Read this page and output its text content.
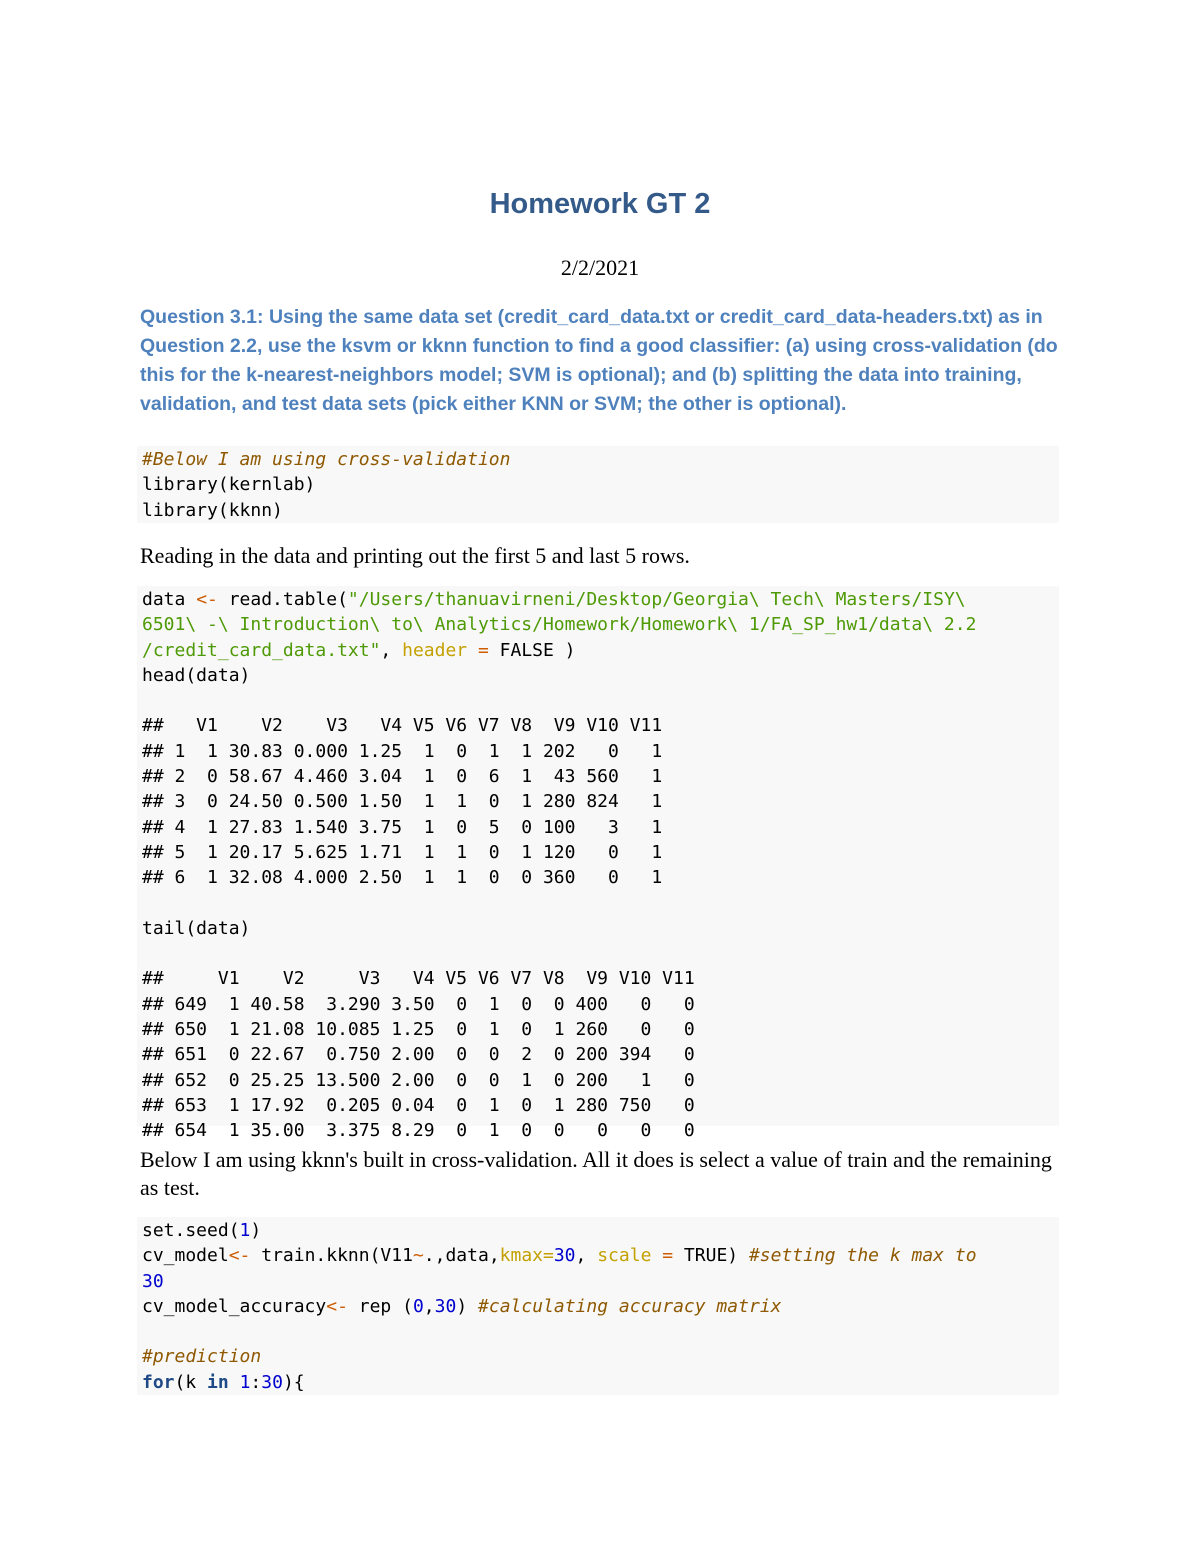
Homework GT 2
2/2/2021

Question 3.1: Using the same data set (credit_card_data.txt or credit_card_data-headers.txt) as in Question 2.2, use the ksvm or kknn function to find a good classifier: (a) using cross-validation (do this for the k-nearest-neighbors model; SVM is optional); and (b) splitting the data into training, validation, and test data sets (pick either KNN or SVM; the other is optional).

#Below I am using cross-validation
library(kernlab)
library(kknn)

Reading in the data and printing out the first 5 and last 5 rows.

data <- read.table("/Users/thanuavirneni/Desktop/Georgia\ Tech\ Masters/ISY\
6501\ -\ Introduction\ to\ Analytics/Homework/Homework\ 1/FA_SP_hw1/data\ 2.2
/credit_card_data.txt", header = FALSE )
head(data)

##   V1    V2    V3   V4 V5 V6 V7 V8  V9 V10 V11
## 1  1 30.83 0.000 1.25  1  0  1  1 202   0   1
## 2  0 58.67 4.460 3.04  1  0  6  1  43 560   1
## 3  0 24.50 0.500 1.50  1  1  0  1 280 824   1
## 4  1 27.83 1.540 3.75  1  0  5  0 100   3   1
## 5  1 20.17 5.625 1.71  1  1  0  1 120   0   1
## 6  1 32.08 4.000 2.50  1  1  0  0 360   0   1

tail(data)

##     V1    V2     V3   V4 V5 V6 V7 V8  V9 V10 V11
## 649  1 40.58  3.290 3.50  0  1  0  0 400   0   0
## 650  1 21.08 10.085 1.25  0  1  0  1 260   0   0
## 651  0 22.67  0.750 2.00  0  0  2  0 200 394   0
## 652  0 25.25 13.500 2.00  0  0  1  0 200   1   0
## 653  1 17.92  0.205 0.04  0  1  0  1 280 750   0
## 654  1 35.00  3.375 8.29  0  1  0  0   0   0   0

Below I am using kknn's built in cross-validation. All it does is select a value of train and the remaining as test.

set.seed(1)
cv_model<- train.kknn(V11~.,data,kmax=30, scale = TRUE) #setting the k max to
30
cv_model_accuracy<- rep (0,30) #calculating accuracy matrix

#prediction
for(k in 1:30){
